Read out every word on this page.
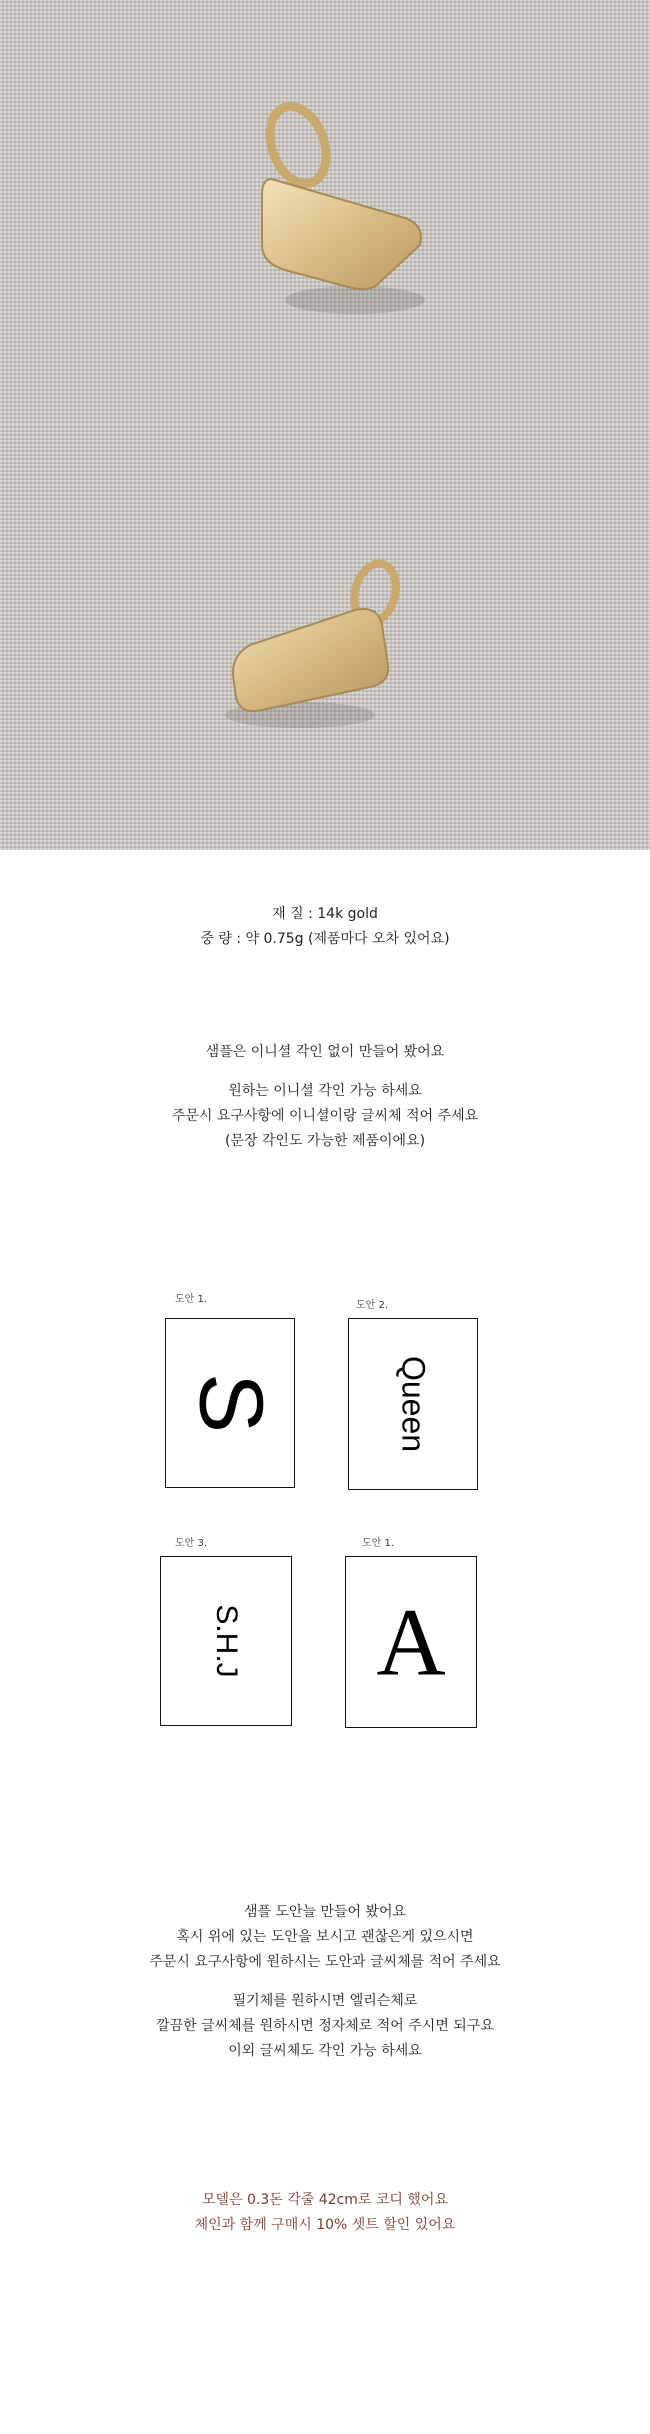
재 질 : 14k gold
중 량 : 약 0.75g (제품마다 오차 있어요)
샘플은 이니셜 각인 없이 만들어 봤어요
원하는 이니셜 각인 가능 하세요
주문시 요구사항에 이니셜이랑 글씨체 적어 주세요
(문장 각인도 가능한 제품이에요)
도안 1.
S
도안 2.
Queen
도안 3.
S.H.J
도안 1.
A
샘플 도안늘 만들어 봤어요
혹시 위에 있는 도안을 보시고 괜찮은게 있으시면
주문시 요구사항에 원하시는 도안과 글씨체를 적어 주세요
필기체를 원하시면 엘리슨체로
깔끔한 글씨체를 원하시면 정자체로 적어 주시면 되구요
이외 글씨체도 각인 가능 하세요
모델은 0.3돈 각줄 42cm로 코디 했어요
체인과 함께 구매시 10% 셋트 할인 있어요
